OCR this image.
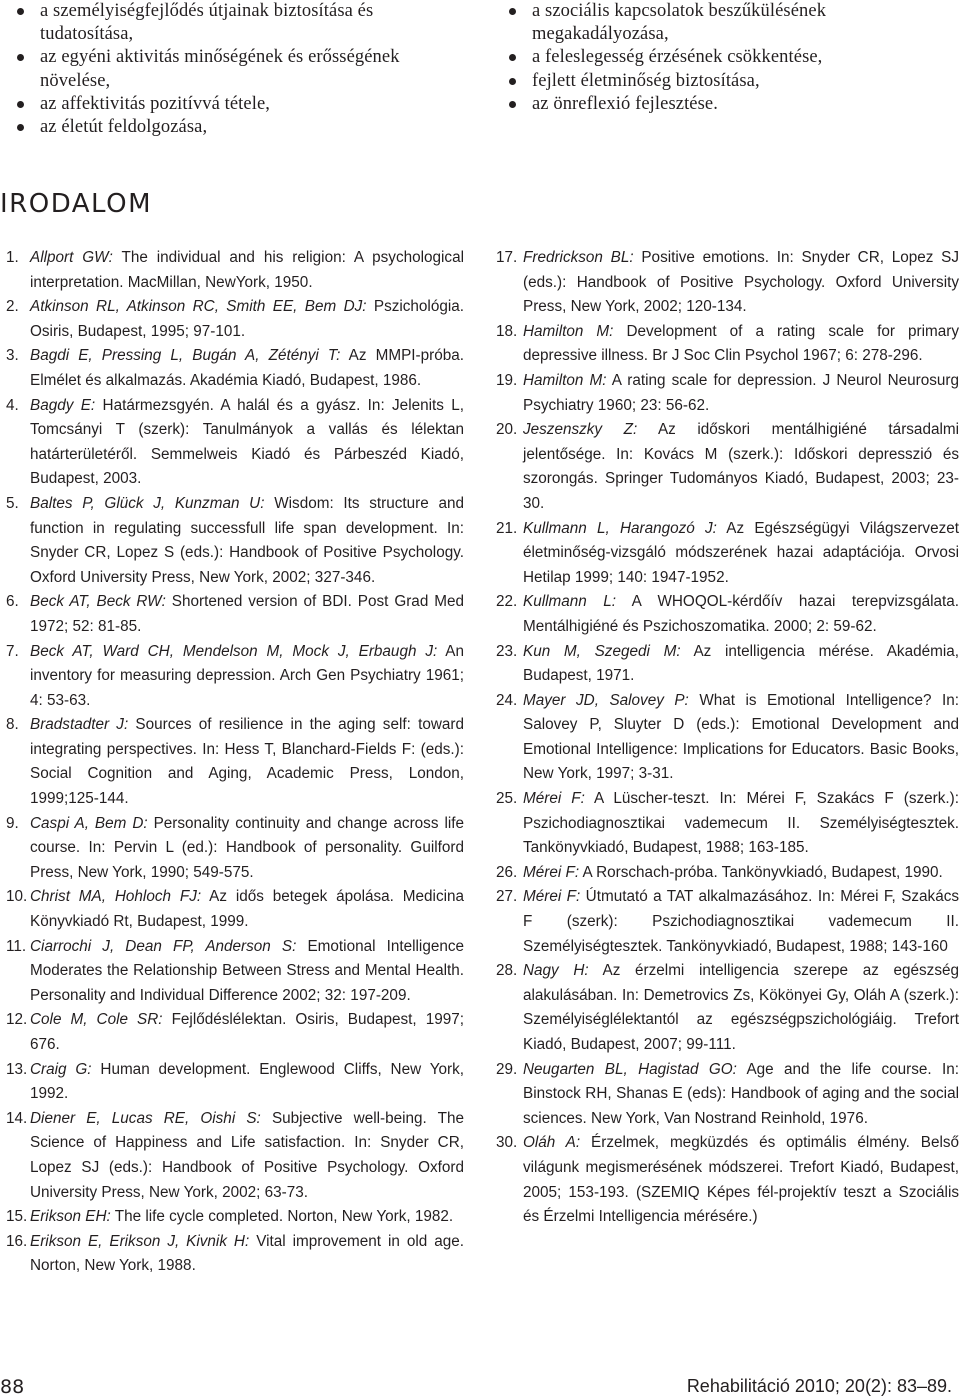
a személyiségfejlődés útjainak biztosítása és tudatosítása,
az egyéni aktivitás minőségének és erősségének növelése,
az affektivitás pozitívvá tétele,
az életút feldolgozása,
a szociális kapcsolatok beszűkülésének megakadályozása,
a feleslegesség érzésének csökkentése,
fejlett életminőség biztosítása,
az önreflexió fejlesztése.
IRODALOM
1. Allport GW: The individual and his religion: A psychological interpretation. MacMillan, NewYork, 1950.
2. Atkinson RL, Atkinson RC, Smith EE, Bem DJ: Pszichológia. Osiris, Budapest, 1995; 97-101.
3. Bagdi E, Pressing L, Bugán A, Zétényi T: Az MMPI-próba. Elmélet és alkalmazás. Akadémia Kiadó, Budapest, 1986.
4. Bagdy E: Határmezsgyén. A halál és a gyász. In: Jelenits L, Tomcsányi T (szerk): Tanulmányok a vallás és lélektan határterületéről. Semmelweis Kiadó és Párbeszéd Kiadó, Budapest, 2003.
5. Baltes P, Glück J, Kunzman U: Wisdom: Its structure and function in regulating successfull life span development. In: Snyder CR, Lopez S (eds.): Handbook of Positive Psychology. Oxford University Press, New York, 2002; 327-346.
6. Beck AT, Beck RW: Shortened version of BDI. Post Grad Med 1972; 52: 81-85.
7. Beck AT, Ward CH, Mendelson M, Mock J, Erbaugh J: An inventory for measuring depression. Arch Gen Psychiatry 1961; 4: 53-63.
8. Bradstadter J: Sources of resilience in the aging self: toward integrating perspectives. In: Hess T, Blanchard-Fields F: (eds.): Social Cognition and Aging, Academic Press, London, 1999;125-144.
9. Caspi A, Bem D: Personality continuity and change across life course. In: Pervin L (ed.): Handbook of personality. Guilford Press, New York, 1990; 549-575.
10. Christ MA, Hohloch FJ: Az idős betegek ápolása. Medicina Könyvkiadó Rt, Budapest, 1999.
11. Ciarrochi J, Dean FP, Anderson S: Emotional Intelligence Moderates the Relationship Between Stress and Mental Health. Personality and Individual Difference 2002; 32: 197-209.
12. Cole M, Cole SR: Fejlődéslélektan. Osiris, Budapest, 1997; 676.
13. Craig G: Human development. Englewood Cliffs, New York, 1992.
14. Diener E, Lucas RE, Oishi S: Subjective well-being. The Science of Happiness and Life satisfaction. In: Snyder CR, Lopez SJ (eds.): Handbook of Positive Psychology. Oxford University Press, New York, 2002; 63-73.
15. Erikson EH: The life cycle completed. Norton, New York, 1982.
16. Erikson E, Erikson J, Kivnik H: Vital improvement in old age. Norton, New York, 1988.
17. Fredrickson BL: Positive emotions. In: Snyder CR, Lopez SJ (eds.): Handbook of Positive Psychology. Oxford University Press, New York, 2002; 120-134.
18. Hamilton M: Development of a rating scale for primary depressive illness. Br J Soc Clin Psychol 1967; 6: 278-296.
19. Hamilton M: A rating scale for depression. J Neurol Neurosurg Psychiatry 1960; 23: 56-62.
20. Jeszenszky Z: Az időskori mentálhigiéné társadalmi jelentősége. In: Kovács M (szerk.): Időskori depresszió és szorongás. Springer Tudományos Kiadó, Budapest, 2003; 23-30.
21. Kullmann L, Harangozó J: Az Egészségügyi Világszervezet életminőség-vizsgáló módszerének hazai adaptációja. Orvosi Hetilap 1999; 140: 1947-1952.
22. Kullmann L: A WHOQOL-kérdőív hazai terepvizsgálata. Mentálhigiéné és Pszichoszomatika. 2000; 2: 59-62.
23. Kun M, Szegedi M: Az intelligencia mérése. Akadémia, Budapest, 1971.
24. Mayer JD, Salovey P: What is Emotional Intelligence? In: Salovey P, Sluyter D (eds.): Emotional Development and Emotional Intelligence: Implications for Educators. Basic Books, New York, 1997; 3-31.
25. Mérei F: A Lüscher-teszt. In: Mérei F, Szakács F (szerk.): Pszichodiagnosztikai vademecum II. Személyiségtesztek. Tankönyvkiadó, Budapest, 1988; 163-185.
26. Mérei F: A Rorschach-próba. Tankönyvkiadó, Budapest, 1990.
27. Mérei F: Útmutató a TAT alkalmazásához. In: Mérei F, Szakács F (szerk): Pszichodiagnosztikai vademecum II. Személyiségtesztek. Tankönyvkiadó, Budapest, 1988; 143-160
28. Nagy H: Az érzelmi intelligencia szerepe az egészség alakulásában. In: Demetrovics Zs, Kökönyei Gy, Oláh A (szerk.): Személyiséglélektantól az egészségpszichológiáig. Trefort Kiadó, Budapest, 2007; 99-111.
29. Neugarten BL, Hagistad GO: Age and the life course. In: Binstock RH, Shanas E (eds): Handbook of aging and the social sciences. New York, Van Nostrand Reinhold, 1976.
30. Oláh A: Érzelmek, megküzdés és optimális élmény. Belső világunk megismerésének módszerei. Trefort Kiadó, Budapest, 2005; 153-193. (SZEMIQ Képes fél-projektív teszt a Szociális és Érzelmi Intelligencia mérésére.)
88	Rehabilitáció 2010; 20(2): 83–89.
